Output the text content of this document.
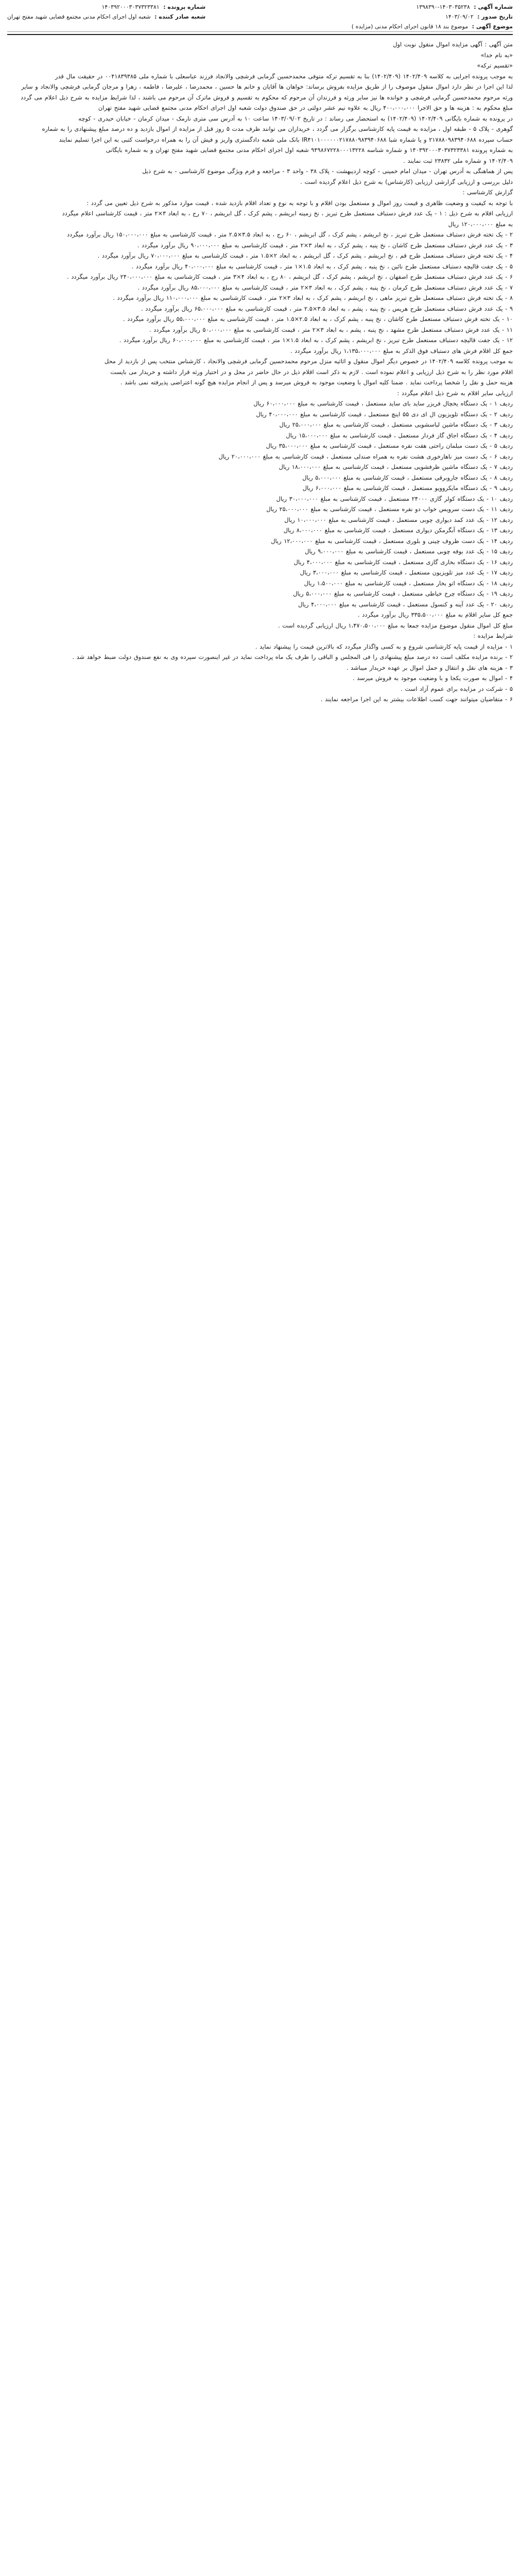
شماره آگهی : ۱۳۹۸۳۹۰-۱۴۰۳۰۳۵۲۳۸
تاریخ صدور : ۱۴۰۳/۰۹/۰۲
موضوع آگهی : موضوع بند ۱۸ قانون اجرای احکام مدنی (مزایده )
شماره پرونده : ۱۴۰۳۹۲۰۰۰۳۰۳۷۳۲۳۳۸۱
شعبه صادر کننده : شعبه اول اجرای احکام مدنی مجتمع قضایی شهید مفتح تهران

متن آگهی : آگهی مزایده اموال منقول نوبت اول

«به نام خدا»

«تقسیم ترکه»

به موجب پرونده اجرایی به کلاسه ۱۴۰۲/۴۰۹ (۱۴۰۲/۴۰۹) بنا به تقسیم ترکه متوفی محمدحسین گرمابی فرشچی والانجاد فرزند عباسعلی با شماره ملی ۰۰۴۱۸۳۹۳۸۵ در حقیقت مال قدر

لذا این اجرا در نظر دارد اموال منقول موصوف را از طریق مزایده بفروش برساند: خواهان ها آقایان و خانم ها حسین ، محمدرضا ، علیرضا ، فاطمه ، زهرا و مرجان گرمابی فرشچی والانجاد و سایر

ورثه مرحوم محمدحسین گرمابی فرشچی و خوانده ها نیز سایر ورثه و فرزندان آن مرحوم که محکوم به تقسیم و فروش ماترک آن مرحوم می باشند ، لذا شرایط مزایده به شرح ذیل اعلام می گردد

مبلغ محکوم به : هزینه ها و حق الاجرا ۴۰۰،۰۰۰،۰۰۰ ریال به علاوه نیم عشر دولتی در حق صندوق دولت شعبه اول اجرای احکام مدنی مجتمع قضایی شهید مفتح تهران

در پرونده به شماره بایگانی ۱۴۰۲/۴۰۹ (۱۴۰۲/۴۰۹) به استحضار می رساند : در تاریخ ۱۴۰۳/۰۹/۰۲ ساعت ۱۰ به آدرس سی متری نارمک - میدان کرمان - خیابان حیدری - کوچه

گوهری - پلاک ۵ - طبقه اول ، مزایده به قیمت پایه کارشناسی برگزار می گردد ، خریداران می توانند ظرف مدت ۵ روز قبل از مزایده از اموال بازدید و ده درصد مبلغ پیشنهادی را به شماره

حساب سپرده ۲۱۷۸۸۰۹۸۳۹۴۰۶۸۸ و یا شماره شبا IR۴۱۰۱۰۰۰۰۰۰۲۱۷۸۸۰۹۸۳۹۴۰۶۸۸ بانک ملی شعبه دادگستری واریز و فیش آن را به همراه درخواست کتبی به این اجرا تسلیم نمایند

به شماره پرونده ۱۴۰۳۹۲۰۰۰۳۰۳۷۳۲۳۳۸۱ و شماره شناسه ۹۴۹۸۶۷۲۲۸۰۰۰۱۳۲۲۸ شعبه اول اجرای احکام مدنی مجتمع قضایی شهید مفتح تهران و به شماره بایگانی

۱۴۰۲/۴۰۹ و شماره ملی ۲۳۸۳۲ ثبت نمایند .

پس از هماهنگی به آدرس تهران - میدان امام خمینی - کوچه اردیبهشت - پلاک ۳۸ - واحد ۳ - مراجعه و فرم ویژگی موضوع کارشناسی - به شرح ذیل

دلیل بررسی و ارزیابی گزارشی ارزیابی (کارشناس) به شرح ذیل اعلام گردیده است .

گزارش کارشناسی :

با توجه به کیفیت و وضعیت ظاهری و قیمت روز اموال و مستعمل بودن اقلام و با توجه به نوع و تعداد اقلام بازدید شده ، قیمت موارد مذکور به شرح ذیل تعیین می گردد :

ارزیابی اقلام به شرح ذیل : ۱ - یک عدد فرش دستباف مستعمل طرح تبریز ، نخ زمینه ابریشم ، پشم کرک ، گل ابریشم ، ۷۰ رج ، به ابعاد ۳×۲ متر ، قیمت کارشناسی اعلام میگردد

به مبلغ ۱۲۰،۰۰۰،۰۰۰ ریال

۲ - یک تخته فرش دستباف مستعمل طرح تبریز ، نخ ابریشم ، پشم کرک ، گل ابریشم ، ۶۰ رج ، به ابعاد ۳.۵×۲.۵ متر ، قیمت کارشناسی به مبلغ ۱۵۰،۰۰۰،۰۰۰ ریال برآورد میگردد

۳ - یک عدد فرش دستباف مستعمل طرح کاشان ، نخ پنبه ، پشم کرک ، به ابعاد ۳×۲ متر ، قیمت کارشناسی به مبلغ ۹۰،۰۰۰،۰۰۰ ریال برآورد میگردد .

۴ - یک تخته فرش دستباف مستعمل طرح قم ، نخ ابریشم ، پشم کرک ، گل ابریشم ، به ابعاد ۲×۱.۵ متر ، قیمت کارشناسی به مبلغ ۷۰،۰۰۰،۰۰۰ ریال برآورد میگردد .

۵ - یک جفت قالیچه دستباف مستعمل طرح نائین ، نخ پنبه ، پشم کرک ، به ابعاد ۱.۵×۱ متر ، قیمت کارشناسی به مبلغ ۴۰،۰۰۰،۰۰۰ ریال برآورد میگردد .

۶ - یک عدد فرش دستباف مستعمل طرح اصفهان ، نخ ابریشم ، پشم کرک ، گل ابریشم ، ۸۰ رج ، به ابعاد ۴×۳ متر ، قیمت کارشناسی به مبلغ ۲۴۰،۰۰۰،۰۰۰ ریال برآورد میگردد .

۷ - یک عدد فرش دستباف مستعمل طرح کرمان ، نخ پنبه ، پشم کرک ، به ابعاد ۳×۲ متر ، قیمت کارشناسی به مبلغ ۸۵،۰۰۰،۰۰۰ ریال برآورد میگردد .

۸ - یک تخته فرش دستباف مستعمل طرح تبریز ماهی ، نخ ابریشم ، پشم کرک ، به ابعاد ۳×۲ متر ، قیمت کارشناسی به مبلغ ۱۱۰،۰۰۰،۰۰۰ ریال برآورد میگردد .

۹ - یک عدد فرش دستباف مستعمل طرح هریس ، نخ پنبه ، پشم ، به ابعاد ۳.۵×۲.۵ متر ، قیمت کارشناسی به مبلغ ۶۵،۰۰۰،۰۰۰ ریال برآورد میگردد .

۱۰ - یک تخته فرش دستباف مستعمل طرح کاشان ، نخ پنبه ، پشم کرک ، به ابعاد ۲.۵×۱.۵ متر ، قیمت کارشناسی به مبلغ ۵۵،۰۰۰،۰۰۰ ریال برآورد میگردد .

۱۱ - یک عدد فرش دستباف مستعمل طرح مشهد ، نخ پنبه ، پشم ، به ابعاد ۳×۲ متر ، قیمت کارشناسی به مبلغ ۵۰،۰۰۰،۰۰۰ ریال برآورد میگردد .

۱۲ - یک جفت قالیچه دستباف مستعمل طرح تبریز ، نخ ابریشم ، پشم کرک ، به ابعاد ۱.۵×۱ متر ، قیمت کارشناسی به مبلغ ۶۰،۰۰۰،۰۰۰ ریال برآورد میگردد .

جمع کل اقلام فرش های دستباف فوق الذکر به مبلغ ۱،۱۳۵،۰۰۰،۰۰۰ ریال برآورد میگردد .

به موجب پرونده کلاسه ۱۴۰۲/۴۰۹ در خصوص دیگر اموال منقول و اثاثیه منزل مرحوم محمدحسین گرمابی فرشچی والانجاد ، کارشناس منتخب پس از بازدید از محل

اقلام مورد نظر را به شرح ذیل ارزیابی و اعلام نموده است . لازم به ذکر است اقلام ذیل در حال حاضر در محل و در اختیار ورثه قرار داشته و خریدار می بایست

هزینه حمل و نقل را شخصا پرداخت نماید . ضمنا کلیه اموال با وضعیت موجود به فروش میرسد و پس از انجام مزایده هیچ گونه اعتراضی پذیرفته نمی باشد .

ارزیابی سایر اقلام به شرح ذیل اعلام میگردد :

ردیف ۱ - یک دستگاه یخچال فریزر ساید بای ساید مستعمل ، قیمت کارشناسی به مبلغ ۶۰،۰۰۰،۰۰۰ ریال

ردیف ۲ - یک دستگاه تلویزیون ال ای دی ۵۵ اینچ مستعمل ، قیمت کارشناسی به مبلغ ۴۰،۰۰۰،۰۰۰ ریال

ردیف ۳ - یک دستگاه ماشین لباسشویی مستعمل ، قیمت کارشناسی به مبلغ ۲۵،۰۰۰،۰۰۰ ریال

ردیف ۴ - یک دستگاه اجاق گاز فردار مستعمل ، قیمت کارشناسی به مبلغ ۱۵،۰۰۰،۰۰۰ ریال

ردیف ۵ - یک دست مبلمان راحتی هفت نفره مستعمل ، قیمت کارشناسی به مبلغ ۳۵،۰۰۰،۰۰۰ ریال

ردیف ۶ - یک دست میز ناهارخوری هشت نفره به همراه صندلی مستعمل ، قیمت کارشناسی به مبلغ ۲۰،۰۰۰،۰۰۰ ریال

ردیف ۷ - یک دستگاه ماشین ظرفشویی مستعمل ، قیمت کارشناسی به مبلغ ۱۸،۰۰۰،۰۰۰ ریال

ردیف ۸ - یک دستگاه جاروبرقی مستعمل ، قیمت کارشناسی به مبلغ ۵،۰۰۰،۰۰۰ ریال

ردیف ۹ - یک دستگاه مایکروویو مستعمل ، قیمت کارشناسی به مبلغ ۶،۰۰۰،۰۰۰ ریال

ردیف ۱۰ - یک دستگاه کولر گازی ۲۴۰۰۰ مستعمل ، قیمت کارشناسی به مبلغ ۳۰،۰۰۰،۰۰۰ ریال

ردیف ۱۱ - یک دست سرویس خواب دو نفره مستعمل ، قیمت کارشناسی به مبلغ ۲۵،۰۰۰،۰۰۰ ریال

ردیف ۱۲ - یک عدد کمد دیواری چوبی مستعمل ، قیمت کارشناسی به مبلغ ۱۰،۰۰۰،۰۰۰ ریال

ردیف ۱۳ - یک دستگاه آبگرمکن دیواری مستعمل ، قیمت کارشناسی به مبلغ ۸،۰۰۰،۰۰۰ ریال

ردیف ۱۴ - یک دست ظروف چینی و بلوری مستعمل ، قیمت کارشناسی به مبلغ ۱۲،۰۰۰،۰۰۰ ریال

ردیف ۱۵ - یک عدد بوفه چوبی مستعمل ، قیمت کارشناسی به مبلغ ۹،۰۰۰،۰۰۰ ریال

ردیف ۱۶ - یک دستگاه بخاری گازی مستعمل ، قیمت کارشناسی به مبلغ ۴،۰۰۰،۰۰۰ ریال

ردیف ۱۷ - یک عدد میز تلویزیون مستعمل ، قیمت کارشناسی به مبلغ ۳،۰۰۰،۰۰۰ ریال

ردیف ۱۸ - یک دستگاه اتو بخار مستعمل ، قیمت کارشناسی به مبلغ ۱،۵۰۰،۰۰۰ ریال

ردیف ۱۹ - یک دستگاه چرخ خیاطی مستعمل ، قیمت کارشناسی به مبلغ ۵،۰۰۰،۰۰۰ ریال

ردیف ۲۰ - یک عدد آینه و کنسول مستعمل ، قیمت کارشناسی به مبلغ ۴،۰۰۰،۰۰۰ ریال

جمع کل سایر اقلام به مبلغ ۳۳۵،۵۰۰،۰۰۰ ریال برآورد میگردد .

مبلغ کل اموال منقول موضوع مزایده جمعا به مبلغ ۱،۴۷۰،۵۰۰،۰۰۰ ریال ارزیابی گردیده است .

شرایط مزایده :

۱ - مزایده از قیمت پایه کارشناسی شروع و به کسی واگذار میگردد که بالاترین قیمت را پیشنهاد نماید .

۲ - برنده مزایده مکلف است ده درصد مبلغ پیشنهادی را فی المجلس و الباقی را ظرف یک ماه پرداخت نماید در غیر اینصورت سپرده وی به نفع صندوق دولت ضبط خواهد شد .

۳ - هزینه های نقل و انتقال و حمل اموال بر عهده خریدار میباشد .

۴ - اموال به صورت یکجا و با وضعیت موجود به فروش میرسد .

۵ - شرکت در مزایده برای عموم آزاد است .

۶ - متقاضیان میتوانند جهت کسب اطلاعات بیشتر به این اجرا مراجعه نمایند .
